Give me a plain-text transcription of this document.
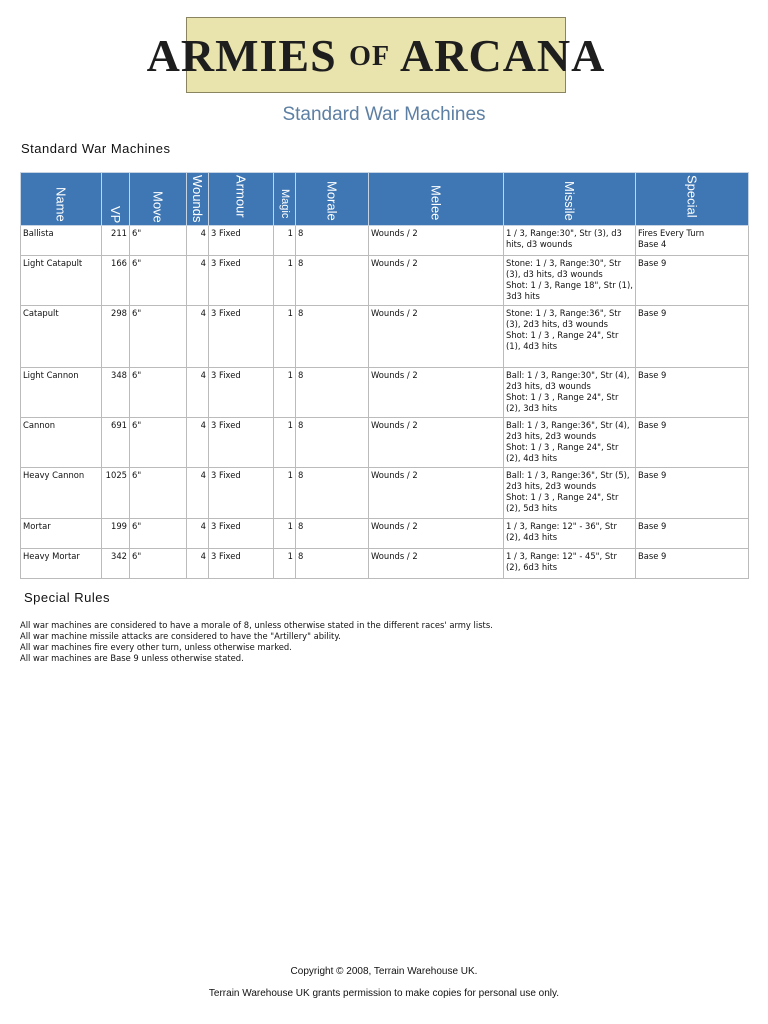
ARMIES OF ARCANA
Standard War Machines
Standard War Machines
Name	VP	Move	Wounds	Armour	Magic	Morale	Melee	Missile	Special

Ballista	211	6"	4	3 Fixed	1	8	Wounds / 2	1 / 3, Range:30", Str (3), d3 hits, d3 wounds	Fires Every Turn
Base 4

Light Catapult	166	6"	4	3 Fixed	1	8	Wounds / 2	Stone: 1 / 3, Range:30", Str (3), d3 hits, d3 wounds
Shot: 1 / 3, Range 18", Str (1), 3d3 hits	Base 9

Catapult	298	6"	4	3 Fixed	1	8	Wounds / 2	Stone: 1 / 3, Range:36", Str (3), 2d3 hits, d3 wounds
Shot: 1 / 3 , Range 24", Str (1), 4d3 hits	Base 9

Light Cannon	348	6"	4	3 Fixed	1	8	Wounds / 2	Ball: 1 / 3, Range:30", Str (4), 2d3 hits, d3 wounds
Shot: 1 / 3 , Range 24", Str (2), 3d3 hits	Base 9

Cannon	691	6"	4	3 Fixed	1	8	Wounds / 2	Ball: 1 / 3, Range:36", Str (4), 2d3 hits, 2d3 wounds
Shot: 1 / 3 , Range 24", Str (2), 4d3 hits	Base 9

Heavy Cannon	1025	6"	4	3 Fixed	1	8	Wounds / 2	Ball: 1 / 3, Range:36", Str (5), 2d3 hits, 2d3 wounds
Shot: 1 / 3 , Range 24", Str (2), 5d3 hits	Base 9

Mortar	199	6"	4	3 Fixed	1	8	Wounds / 2	1 / 3, Range: 12" - 36", Str (2), 4d3 hits	Base 9

Heavy Mortar	342	6"	4	3 Fixed	1	8	Wounds / 2	1 / 3, Range: 12" - 45", Str (2), 6d3 hits	Base 9
Special Rules
All war machines are considered to have a morale of 8, unless otherwise stated in the different races' army lists.
All war machine missile attacks are considered to have the "Artillery" ability.
All war machines fire every other turn, unless otherwise marked.
All war machines are Base 9 unless otherwise stated.
Copyright © 2008, Terrain Warehouse UK.
Terrain Warehouse UK grants permission to make copies for personal use only.
